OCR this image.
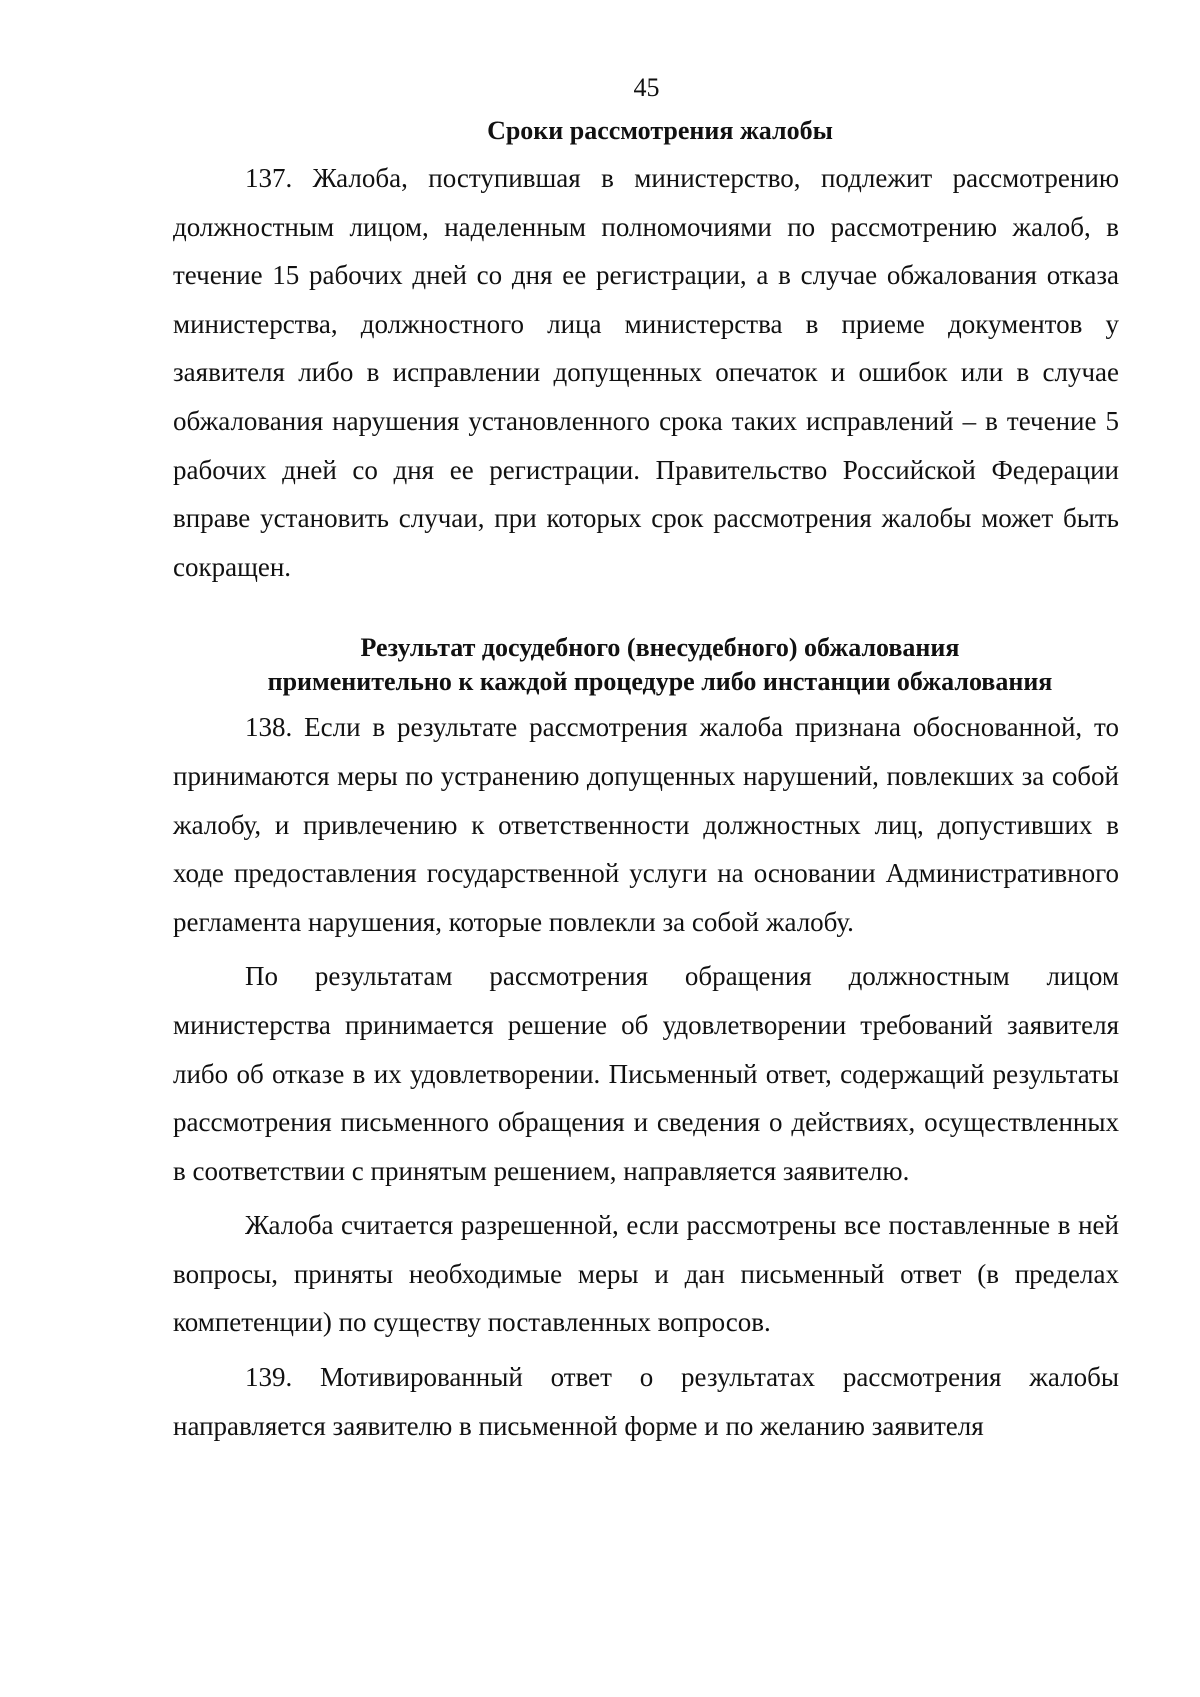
45
Сроки рассмотрения жалобы

137. Жалоба, поступившая в министерство, подлежит рассмотрению должностным лицом, наделенным полномочиями по рассмотрению жалоб, в течение 15 рабочих дней со дня ее регистрации, а в случае обжалования отказа министерства, должностного лица министерства в приеме документов у заявителя либо в исправлении допущенных опечаток и ошибок или в случае обжалования нарушения установленного срока таких исправлений – в течение 5 рабочих дней со дня ее регистрации. Правительство Российской Федерации вправе установить случаи, при которых срок рассмотрения жалобы может быть сокращен.

Результат досудебного (внесудебного) обжалования
применительно к каждой процедуре либо инстанции обжалования

138. Если в результате рассмотрения жалоба признана обоснованной, то принимаются меры по устранению допущенных нарушений, повлекших за собой жалобу, и привлечению к ответственности должностных лиц, допустивших в ходе предоставления государственной услуги на основании Административного регламента нарушения, которые повлекли за собой жалобу.

По результатам рассмотрения обращения должностным лицом министерства принимается решение об удовлетворении требований заявителя либо об отказе в их удовлетворении. Письменный ответ, содержащий результаты рассмотрения письменного обращения и сведения о действиях, осуществленных в соответствии с принятым решением, направляется заявителю.

Жалоба считается разрешенной, если рассмотрены все поставленные в ней вопросы, приняты необходимые меры и дан письменный ответ (в пределах компетенции) по существу поставленных вопросов.

139. Мотивированный ответ о результатах рассмотрения жалобы направляется заявителю в письменной форме и по желанию заявителя
